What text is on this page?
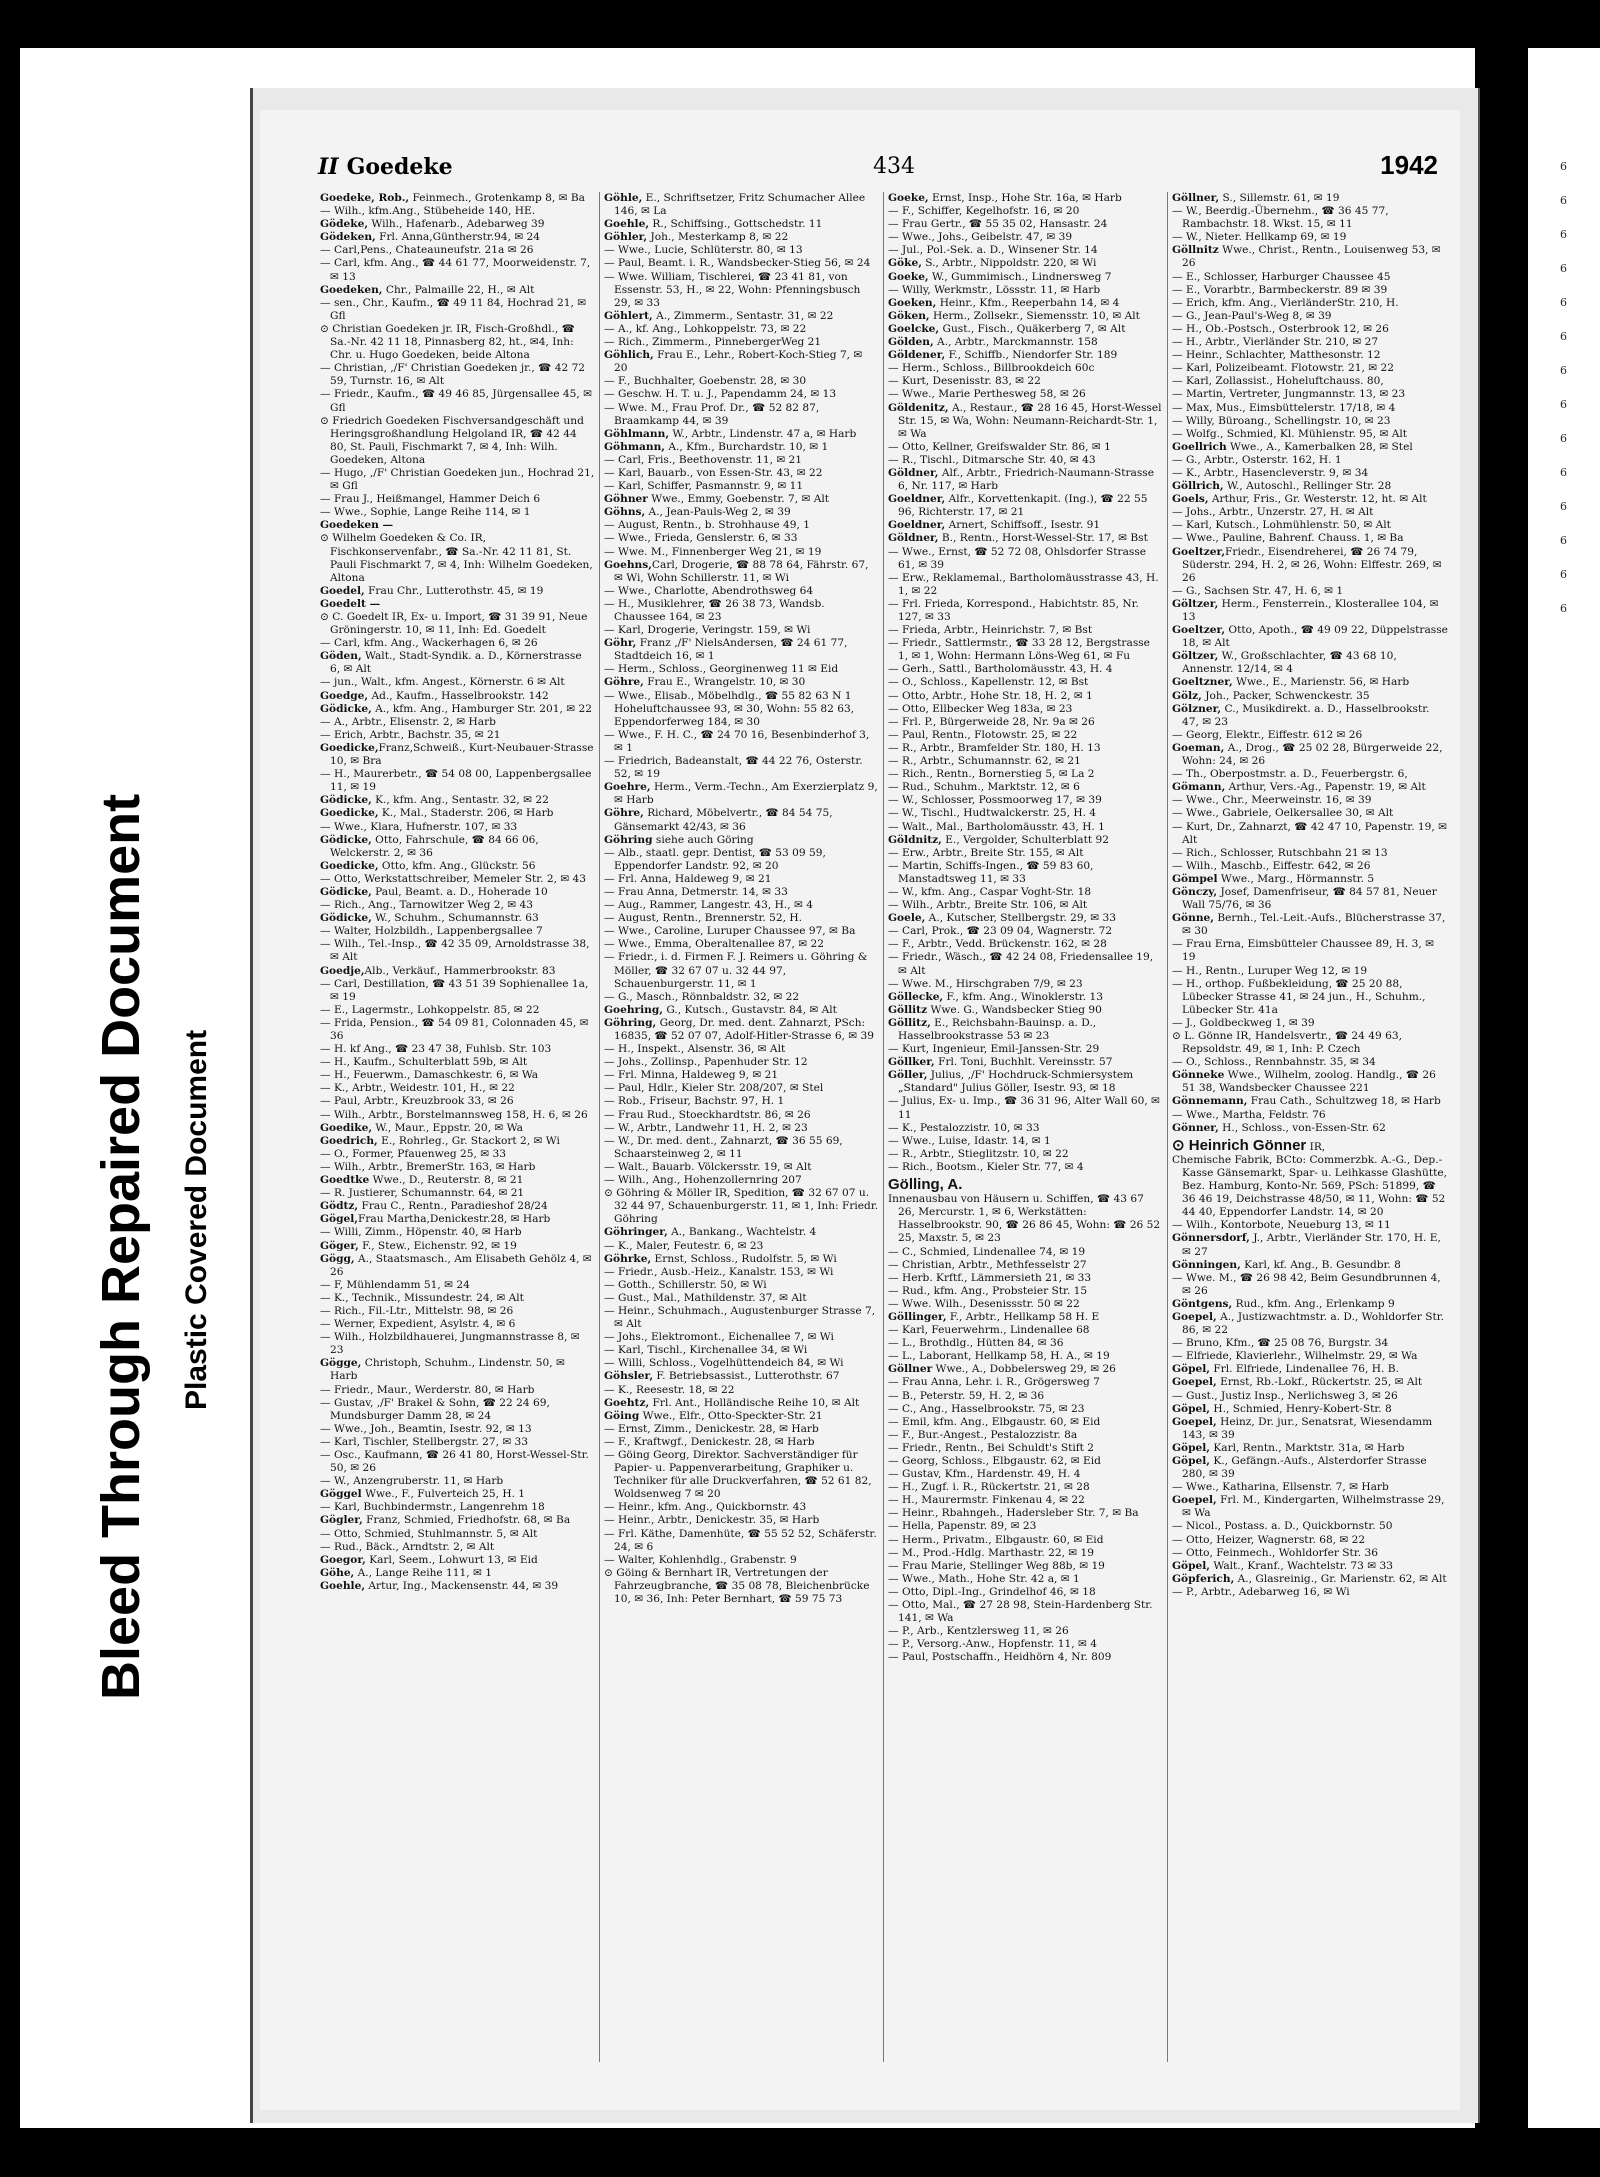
6
6
6
6
6
6
6
6
6
6
6
6
6
6
Bleed Through Repaired Document Plastic Covered Document
II Goedeke	434	1942

Goedeke, Rob., Feinmech., Grotenkamp 8, ✉ Ba

— Wilh., kfm.Ang., Stübeheide 140, HE.

Gödeke, Wilh., Hafenarb., Adebarweg 39

Gödeken, Frl. Anna,Güntherstr.94, ✉ 24

— Carl,Pens., Chateauneufstr. 21a ✉ 26

— Carl, kfm. Ang., ☎ 44 61 77, Moorweidenstr. 7, ✉ 13

Goedeken, Chr., Palmaille 22, H., ✉ Alt

— sen., Chr., Kaufm., ☎ 49 11 84, Hochrad 21, ✉ Gfl

⊙ Christian Goedeken jr. IR, Fisch-Großhdl., ☎ Sa.-Nr. 42 11 18, Pinnasberg 82, ht., ✉4, Inh: Chr. u. Hugo Goedeken, beide Altona

— Christian, ‚/F' Christian Goedeken jr., ☎ 42 72 59, Turnstr. 16, ✉ Alt

— Friedr., Kaufm., ☎ 49 46 85, Jürgensallee 45, ✉ Gfl

⊙ Friedrich Goedeken Fischversandgeschäft und Heringsgroßhandlung Helgoland IR, ☎ 42 44 80, St. Pauli, Fischmarkt 7, ✉ 4, Inh: Wilh. Goedeken, Altona

— Hugo, ‚/F' Christian Goedeken jun., Hochrad 21, ✉ Gfl

— Frau J., Heißmangel, Hammer Deich 6

— Wwe., Sophie, Lange Reihe 114, ✉ 1

Goedeken —

⊙ Wilhelm Goedeken & Co. IR, Fischkonservenfabr., ☎ Sa.-Nr. 42 11 81, St. Pauli Fischmarkt 7, ✉ 4, Inh: Wilhelm Goedeken, Altona

Goedel, Frau Chr., Lutterothstr. 45, ✉ 19

Goedelt —

⊙ C. Goedelt IR, Ex- u. Import, ☎ 31 39 91, Neue Gröningerstr. 10, ✉ 11, Inh: Ed. Goedelt

— Carl, kfm. Ang., Wackerhagen 6, ✉ 26

Göden, Walt., Stadt-Syndik. a. D., Körnerstrasse 6, ✉ Alt

— jun., Walt., kfm. Angest., Körnerstr. 6 ✉ Alt

Goedge, Ad., Kaufm., Hasselbrookstr. 142

Gödicke, A., kfm. Ang., Hamburger Str. 201, ✉ 22

— A., Arbtr., Elisenstr. 2, ✉ Harb

— Erich, Arbtr., Bachstr. 35, ✉ 21

Goedicke,Franz,Schweiß., Kurt-Neubauer-Strasse 10, ✉ Bra

— H., Maurerbetr., ☎ 54 08 00, Lappenbergsallee 11, ✉ 19

Gödicke, K., kfm. Ang., Sentastr. 32, ✉ 22

Goedicke, K., Mal., Staderstr. 206, ✉ Harb

— Wwe., Klara, Hufnerstr. 107, ✉ 33

Gödicke, Otto, Fahrschule, ☎ 84 66 06, Welckerstr. 2, ✉ 36

Goedicke, Otto, kfm. Ang., Glückstr. 56

— Otto, Werkstattschreiber, Memeler Str. 2, ✉ 43

Gödicke, Paul, Beamt. a. D., Hoherade 10

— Rich., Ang., Tarnowitzer Weg 2, ✉ 43

Gödicke, W., Schuhm., Schumannstr. 63

— Walter, Holzbildh., Lappenbergsallee 7

— Wilh., Tel.-Insp., ☎ 42 35 09, Arnoldstrasse 38, ✉ Alt

Goedje,Alb., Verkäuf., Hammerbrookstr. 83

— Carl, Destillation, ☎ 43 51 39 Sophienallee 1a, ✉ 19

— E., Lagermstr., Lohkoppelstr. 85, ✉ 22

— Frida, Pension., ☎ 54 09 81, Colonnaden 45, ✉ 36

— H. kf Ang., ☎ 23 47 38, Fuhlsb. Str. 103

— H., Kaufm., Schulterblatt 59b, ✉ Alt

— H., Feuerwm., Damaschkestr. 6, ✉ Wa

— K., Arbtr., Weidestr. 101, H., ✉ 22

— Paul, Arbtr., Kreuzbrook 33, ✉ 26

— Wilh., Arbtr., Borstelmannsweg 158, H. 6, ✉ 26

Goedike, W., Maur., Eppstr. 20, ✉ Wa

Goedrich, E., Rohrleg., Gr. Stackort 2, ✉ Wi

— O., Former, Pfauenweg 25, ✉ 33

— Wilh., Arbtr., BremerStr. 163, ✉ Harb

Goedtke Wwe., D., Reuterstr. 8, ✉ 21

— R. Justierer, Schumannstr. 64, ✉ 21

Gödtz, Frau C., Rentn., Paradieshof 28/24

Gögel,Frau Martha,Denickestr.28, ✉ Harb

— Willi, Zimm., Höpenstr. 40, ✉ Harb

Göger, F., Stew., Eichenstr. 92, ✉ 19

Gögg, A., Staatsmasch., Am Elisabeth Gehölz 4, ✉ 26

— F, Mühlendamm 51, ✉ 24

— K., Technik., Missundestr. 24, ✉ Alt

— Rich., Fil.-Ltr., Mittelstr. 98, ✉ 26

— Werner, Expedient, Asylstr. 4, ✉ 6

— Wilh., Holzbildhauerei, Jungmannstrasse 8, ✉ 23

Gögge, Christoph, Schuhm., Lindenstr. 50, ✉ Harb

— Friedr., Maur., Werderstr. 80, ✉ Harb

— Gustav, ‚/F' Brakel & Sohn, ☎ 22 24 69, Mundsburger Damm 28, ✉ 24

— Wwe., Joh., Beamtin, Isestr. 92, ✉ 13

— Karl, Tischler, Stellbergstr. 27, ✉ 33

— Osc., Kaufmann, ☎ 26 41 80, Horst-Wessel-Str. 50, ✉ 26

— W., Anzengruberstr. 11, ✉ Harb

Göggel Wwe., F., Fulverteich 25, H. 1

— Karl, Buchbindermstr., Langenrehm 18

Gögler, Franz, Schmied, Friedhofstr. 68, ✉ Ba

— Otto, Schmied, Stuhlmannstr. 5, ✉ Alt

— Rud., Bäck., Arndtstr. 2, ✉ Alt

Goegor, Karl, Seem., Lohwurt 13, ✉ Eid

Göhe, A., Lange Reihe 111, ✉ 1

Goehle, Artur, Ing., Mackensenstr. 44, ✉ 39

Göhle, E., Schriftsetzer, Fritz Schumacher Allee 146, ✉ La

Goehle, R., Schiffsing., Gottschedstr. 11

Göhler, Joh., Mesterkamp 8, ✉ 22

— Wwe., Lucie, Schlüterstr. 80, ✉ 13

— Paul, Beamt. i. R., Wandsbecker-Stieg 56, ✉ 24

— Wwe. William, Tischlerei, ☎ 23 41 81, von Essenstr. 53, H., ✉ 22, Wohn: Pfenningsbusch 29, ✉ 33

Göhlert, A., Zimmerm., Sentastr. 31, ✉ 22

— A., kf. Ang., Lohkoppelstr. 73, ✉ 22

— Rich., Zimmerm., PinnebergerWeg 21

Göhlich, Frau E., Lehr., Robert-Koch-Stieg 7, ✉ 20

— F., Buchhalter, Goebenstr. 28, ✉ 30

— Geschw. H. T. u. J., Papendamm 24, ✉ 13

— Wwe. M., Frau Prof. Dr., ☎ 52 82 87, Braamkamp 44, ✉ 39

Göhlmann, W., Arbtr., Lindenstr. 47 a, ✉ Harb

Göhmann, A., Kfm., Burchardstr. 10, ✉ 1

— Carl, Fris., Beethovenstr. 11, ✉ 21

— Karl, Bauarb., von Essen-Str. 43, ✉ 22

— Karl, Schiffer, Pasmannstr. 9, ✉ 11

Göhner Wwe., Emmy, Goebenstr. 7, ✉ Alt

Göhns, A., Jean-Pauls-Weg 2, ✉ 39

— August, Rentn., b. Strohhause 49, 1

— Wwe., Frieda, Genslerstr. 6, ✉ 33

— Wwe. M., Finnenberger Weg 21, ✉ 19

Goehns,Carl, Drogerie, ☎ 88 78 64, Fährstr. 67, ✉ Wi, Wohn Schillerstr. 11, ✉ Wi

— Wwe., Charlotte, Abendrothsweg 64

— H., Musiklehrer, ☎ 26 38 73, Wandsb. Chaussee 164, ✉ 23

— Karl, Drogerie, Veringstr. 159, ✉ Wi

Göhr, Franz ‚/F' NielsAndersen, ☎ 24 61 77, Stadtdeich 16, ✉ 1

— Herm., Schloss., Georginenweg 11 ✉ Eid

Göhre, Frau E., Wrangelstr. 10, ✉ 30

— Wwe., Elisab., Möbelhdlg., ☎ 55 82 63 N 1 Hoheluftchaussee 93, ✉ 30, Wohn: 55 82 63, Eppendorferweg 184, ✉ 30

— Wwe., F. H. C., ☎ 24 70 16, Besenbinderhof 3, ✉ 1

— Friedrich, Badeanstalt, ☎ 44 22 76, Osterstr. 52, ✉ 19

Goehre, Herm., Verm.-Techn., Am Exerzierplatz 9, ✉ Harb

Göhre, Richard, Möbelvertr., ☎ 84 54 75, Gänsemarkt 42/43, ✉ 36

Göhring siehe auch Göring

— Alb., staatl. gepr. Dentist, ☎ 53 09 59, Eppendorfer Landstr. 92, ✉ 20

— Frl. Anna, Haldeweg 9, ✉ 21

— Frau Anna, Detmerstr. 14, ✉ 33

— Aug., Rammer, Langestr. 43, H., ✉ 4

— August, Rentn., Brennerstr. 52, H.

— Wwe., Caroline, Luruper Chaussee 97, ✉ Ba

— Wwe., Emma, Oberaltenallee 87, ✉ 22

— Friedr., i. d. Firmen F. J. Reimers u. Göhring & Möller, ☎ 32 67 07 u. 32 44 97, Schauenburgerstr. 11, ✉ 1

— G., Masch., Rönnbaldstr. 32, ✉ 22

Goehring, G., Kutsch., Gustavstr. 84, ✉ Alt

Göhring, Georg, Dr. med. dent. Zahnarzt, PSch: 16835, ☎ 52 07 07, Adolf-Hitler-Strasse 6, ✉ 39

— H., Inspekt., Alsenstr. 36, ✉ Alt

— Johs., Zollinsp., Papenhuder Str. 12

— Frl. Minna, Haldeweg 9, ✉ 21

— Paul, Hdlr., Kieler Str. 208/207, ✉ Stel

— Rob., Friseur, Bachstr. 97, H. 1

— Frau Rud., Stoeckhardtstr. 86, ✉ 26

— W., Arbtr., Landwehr 11, H. 2, ✉ 23

— W., Dr. med. dent., Zahnarzt, ☎ 36 55 69, Schaarsteinweg 2, ✉ 11

— Walt., Bauarb. Völckersstr. 19, ✉ Alt

— Wilh., Ang., Hohenzollernring 207

⊙ Göhring & Möller IR, Spedition, ☎ 32 67 07 u. 32 44 97, Schauenburgerstr. 11, ✉ 1, Inh: Friedr. Göhring

Göhringer, A., Bankang., Wachtelstr. 4

— K., Maler, Feutestr. 6, ✉ 23

Göhrke, Ernst, Schloss., Rudolfstr. 5, ✉ Wi

— Friedr., Ausb.-Heiz., Kanalstr. 153, ✉ Wi

— Gotth., Schillerstr. 50, ✉ Wi

— Gust., Mal., Mathildenstr. 37, ✉ Alt

— Heinr., Schuhmach., Augustenburger Strasse 7, ✉ Alt

— Johs., Elektromont., Eichenallee 7, ✉ Wi

— Karl, Tischl., Kirchenallee 34, ✉ Wi

— Willi, Schloss., Vogelhüttendeich 84, ✉ Wi

Göhsler, F. Betriebsassist., Lutterothstr. 67

— K., Reesestr. 18, ✉ 22

Goehtz, Frl. Ant., Holländische Reihe 10, ✉ Alt

Göing Wwe., Elfr., Otto-Speckter-Str. 21

— Ernst, Zimm., Denickestr. 28, ✉ Harb

— F., Kraftwgf., Denickestr. 28, ✉ Harb

— Göing Georg, Direktor. Sachverständiger für Papier- u. Pappenverarbeitung, Graphiker u. Techniker für alle Druckverfahren, ☎ 52 61 82, Woldsenweg 7 ✉ 20

— Heinr., kfm. Ang., Quickbornstr. 43

— Heinr., Arbtr., Denickestr. 35, ✉ Harb

— Frl. Käthe, Damenhüte, ☎ 55 52 52, Schäferstr. 24, ✉ 6

— Walter, Kohlenhdlg., Grabenstr. 9

⊙ Göing & Bernhart IR, Vertretungen der Fahrzeugbranche, ☎ 35 08 78, Bleichenbrücke 10, ✉ 36, Inh: Peter Bernhart, ☎ 59 75 73

Goeke, Ernst, Insp., Hohe Str. 16a, ✉ Harb

— F., Schiffer, Kegelhofstr. 16, ✉ 20

— Frau Gertr., ☎ 55 35 02, Hansastr. 24

— Wwe., Johs., Geibelstr. 47, ✉ 39

— Jul., Pol.-Sek. a. D., Winsener Str. 14

Göke, S., Arbtr., Nippoldstr. 220, ✉ Wi

Goeke, W., Gummimisch., Lindnersweg 7

— Willy, Werkmstr., Lössstr. 11, ✉ Harb

Goeken, Heinr., Kfm., Reeperbahn 14, ✉ 4

Göken, Herm., Zollsekr., Siemensstr. 10, ✉ Alt

Goelcke, Gust., Fisch., Quäkerberg 7, ✉ Alt

Gölden, A., Arbtr., Marckmannstr. 158

Göldener, F., Schiffb., Niendorfer Str. 189

— Herm., Schloss., Billbrookdeich 60c

— Kurt, Desenisstr. 83, ✉ 22

— Wwe., Marie Perthesweg 58, ✉ 26

Göldenitz, A., Restaur., ☎ 28 16 45, Horst-Wessel Str. 15, ✉ Wa, Wohn: Neumann-Reichardt-Str. 1, ✉ Wa

— Otto, Kellner, Greifswalder Str. 86, ✉ 1

— R., Tischl., Ditmarsche Str. 40, ✉ 43

Göldner, Alf., Arbtr., Friedrich-Naumann-Strasse 6, Nr. 117, ✉ Harb

Goeldner, Alfr., Korvettenkapit. (Ing.), ☎ 22 55 96, Richterstr. 17, ✉ 21

Goeldner, Arnert, Schiffsoff., Isestr. 91

Göldner, B., Rentn., Horst-Wessel-Str. 17, ✉ Bst

— Wwe., Ernst, ☎ 52 72 08, Ohlsdorfer Strasse 61, ✉ 39

— Erw., Reklamemal., Bartholomäusstrasse 43, H. 1, ✉ 22

— Frl. Frieda, Korrespond., Habichtstr. 85, Nr. 127, ✉ 33

— Frieda, Arbtr., Heinrichstr. 7, ✉ Bst

— Friedr., Sattlermstr., ☎ 33 28 12, Bergstrasse 1, ✉ 1, Wohn: Hermann Löns-Weg 61, ✉ Fu

— Gerh., Sattl., Bartholomäusstr. 43, H. 4

— O., Schloss., Kapellenstr. 12, ✉ Bst

— Otto, Arbtr., Hohe Str. 18, H. 2, ✉ 1

— Otto, Ellbecker Weg 183a, ✉ 23

— Frl. P., Bürgerweide 28, Nr. 9a ✉ 26

— Paul, Rentn., Flotowstr. 25, ✉ 22

— R., Arbtr., Bramfelder Str. 180, H. 13

— R., Arbtr., Schumannstr. 62, ✉ 21

— Rich., Rentn., Bornerstieg 5, ✉ La 2

— Rud., Schuhm., Marktstr. 12, ✉ 6

— W., Schlosser, Possmoorweg 17, ✉ 39

— W., Tischl., Hudtwalckerstr. 25, H. 4

— Walt., Mal., Bartholomäusstr. 43, H. 1

Göldnitz, E., Vergolder, Schulterblatt 92

— Erw., Arbtr., Breite Str. 155, ✉ Alt

— Martin, Schiffs-Ingen., ☎ 59 83 60, Manstadtsweg 11, ✉ 33

— W., kfm. Ang., Caspar Voght-Str. 18

— Wilh., Arbtr., Breite Str. 106, ✉ Alt

Goele, A., Kutscher, Stellbergstr. 29, ✉ 33

— Carl, Prok., ☎ 23 09 04, Wagnerstr. 72

— F., Arbtr., Vedd. Brückenstr. 162, ✉ 28

— Friedr., Wäsch., ☎ 42 24 08, Friedensallee 19, ✉ Alt

— Wwe. M., Hirschgraben 7/9, ✉ 23

Göllecke, F., kfm. Ang., Winoklerstr. 13

Göllitz Wwe. G., Wandsbecker Stieg 90

Göllitz, E., Reichsbahn-Bauinsp. a. D., Hasselbrookstrasse 53 ✉ 23

— Kurt, Ingenieur, Emil-Janssen-Str. 29

Göllker, Frl. Toni, Buchhlt. Vereinsstr. 57

Göller, Julius, ‚/F' Hochdruck-Schmiersystem „Standard" Julius Göller, Isestr. 93, ✉ 18

— Julius, Ex- u. Imp., ☎ 36 31 96, Alter Wall 60, ✉ 11

— K., Pestalozzistr. 10, ✉ 33

— Wwe., Luise, Idastr. 14, ✉ 1

— R., Arbtr., Stieglitzstr. 10, ✉ 22

— Rich., Bootsm., Kieler Str. 77, ✉ 4

Gölling, A.

Innenausbau von Häusern u. Schiffen, ☎ 43 67 26, Mercurstr. 1, ✉ 6, Werkstätten: Hasselbrookstr. 90, ☎ 26 86 45, Wohn: ☎ 26 52 25, Maxstr. 5, ✉ 23

— C., Schmied, Lindenallee 74, ✉ 19

— Christian, Arbtr., Methfesselstr 27

— Herb. Krftf., Lämmersieth 21, ✉ 33

— Rud., kfm. Ang., Probsteier Str. 15

— Wwe. Wilh., Desenissstr. 50 ✉ 22

Göllinger, F., Arbtr., Hellkamp 58 H. E

— Karl, Feuerwehrm., Lindenallee 68

— L., Brothdlg., Hütten 84, ✉ 36

— L., Laborant, Hellkamp 58, H. A., ✉ 19

Göllner Wwe., A., Dobbelersweg 29, ✉ 26

— Frau Anna, Lehr. i. R., Grögersweg 7

— B., Peterstr. 59, H. 2, ✉ 36

— C., Ang., Hasselbrookstr. 75, ✉ 23

— Emil, kfm. Ang., Elbgaustr. 60, ✉ Eid

— F., Bur.-Angest., Pestalozzistr. 8a

— Friedr., Rentn., Bei Schuldt's Stift 2

— Georg, Schloss., Elbgaustr. 62, ✉ Eid

— Gustav, Kfm., Hardenstr. 49, H. 4

— H., Zugf. i. R., Rückertstr. 21, ✉ 28

— H., Maurermstr. Finkenau 4, ✉ 22

— Heinr., Rbahngeh., Hadersleber Str. 7, ✉ Ba

— Hella, Papenstr. 89, ✉ 23

— Herm., Privatm., Elbgaustr. 60, ✉ Eid

— M., Prod.-Hdlg. Marthastr. 22, ✉ 19

— Frau Marie, Stellinger Weg 88b, ✉ 19

— Wwe., Math., Hohe Str. 42 a, ✉ 1

— Otto, Dipl.-Ing., Grindelhof 46, ✉ 18

— Otto, Mal., ☎ 27 28 98, Stein-Hardenberg Str. 141, ✉ Wa

— P., Arb., Kentzlersweg 11, ✉ 26

— P., Versorg.-Anw., Hopfenstr. 11, ✉ 4

— Paul, Postschaffn., Heidhörn 4, Nr. 809

Göllner, S., Sillemstr. 61, ✉ 19

— W., Beerdig.-Übernehm., ☎ 36 45 77, Rambachstr. 18. Wkst. 15, ✉ 11

— W., Nieter. Hellkamp 69, ✉ 19

Göllnitz Wwe., Christ., Rentn., Louisenweg 53, ✉ 26

— E., Schlosser, Harburger Chaussee 45

— E., Vorarbtr., Barmbeckerstr. 89 ✉ 39

— Erich, kfm. Ang., VierländerStr. 210, H.

— G., Jean-Paul's-Weg 8, ✉ 39

— H., Ob.-Postsch., Osterbrook 12, ✉ 26

— H., Arbtr., Vierländer Str. 210, ✉ 27

— Heinr., Schlachter, Matthesonstr. 12

— Karl, Polizeibeamt. Flotowstr. 21, ✉ 22

— Karl, Zollassist., Hoheluftchauss. 80,

— Martin, Vertreter, Jungmannstr. 13, ✉ 23

— Max, Mus., Eimsbüttelerstr. 17/18, ✉ 4

— Willy, Büroang., Schellingstr. 10, ✉ 23

— Wolfg., Schmied, Kl. Mühlenstr. 95, ✉ Alt

Goellrich Wwe., A., Kamerbalken 28, ✉ Stel

— G., Arbtr., Osterstr. 162, H. 1

— K., Arbtr., Hasencleverstr. 9, ✉ 34

Göllrich, W., Autoschl., Rellinger Str. 28

Goels, Arthur, Fris., Gr. Westerstr. 12, ht. ✉ Alt

— Johs., Arbtr., Unzerstr. 27, H. ✉ Alt

— Karl, Kutsch., Lohmühlenstr. 50, ✉ Alt

— Wwe., Pauline, Bahrenf. Chauss. 1, ✉ Ba

Goeltzer,Friedr., Eisendreherei, ☎ 26 74 79, Süderstr. 294, H. 2, ✉ 26, Wohn: Elffestr. 269, ✉ 26

— G., Sachsen Str. 47, H. 6, ✉ 1

Göltzer, Herm., Fensterrein., Klosterallee 104, ✉ 13

Goeltzer, Otto, Apoth., ☎ 49 09 22, Düppelstrasse 18, ✉ Alt

Göltzer, W., Großschlachter, ☎ 43 68 10, Annenstr. 12/14, ✉ 4

Goeltzner, Wwe., E., Marienstr. 56, ✉ Harb

Gölz, Joh., Packer, Schwenckestr. 35

Gölzner, C., Musikdirekt. a. D., Hasselbrookstr. 47, ✉ 23

— Georg, Elektr., Eiffestr. 612 ✉ 26

Goeman, A., Drog., ☎ 25 02 28, Bürgerweide 22, Wohn: 24, ✉ 26

— Th., Oberpostmstr. a. D., Feuerbergstr. 6,

Gömann, Arthur, Vers.-Ag., Papenstr. 19, ✉ Alt

— Wwe., Chr., Meerweinstr. 16, ✉ 39

— Wwe., Gabriele, Oelkersallee 30, ✉ Alt

— Kurt, Dr., Zahnarzt, ☎ 42 47 10, Papenstr. 19, ✉ Alt

— Rich., Schlosser, Rutschbahn 21 ✉ 13

— Wilh., Maschb., Eiffestr. 642, ✉ 26

Gömpel Wwe., Marg., Hörmannstr. 5

Gönczy, Josef, Damenfriseur, ☎ 84 57 81, Neuer Wall 75/76, ✉ 36

Gönne, Bernh., Tel.-Leit.-Aufs., Blücherstrasse 37, ✉ 30

— Frau Erna, Eimsbütteler Chaussee 89, H. 3, ✉ 19

— H., Rentn., Luruper Weg 12, ✉ 19

— H., orthop. Fußbekleidung, ☎ 25 20 88, Lübecker Strasse 41, ✉ 24 jun., H., Schuhm., Lübecker Str. 41a

— J., Goldbeckweg 1, ✉ 39

⊙ L. Gönne IR, Handelsvertr., ☎ 24 49 63, Repsoldstr. 49, ✉ 1, Inh: P. Czech

— O., Schloss., Rennbahnstr. 35, ✉ 34

Gönneke Wwe., Wilhelm, zoolog. Handlg., ☎ 26 51 38, Wandsbecker Chaussee 221

Gönnemann, Frau Cath., Schultzweg 18, ✉ Harb

— Wwe., Martha, Feldstr. 76

Gönner, H., Schloss., von-Essen-Str. 62

⊙ Heinrich Gönner IR,

Chemische Fabrik, BCto: Commerzbk. A.-G., Dep.-Kasse Gänsemarkt, Spar- u. Leihkasse Glashütte, Bez. Hamburg, Konto-Nr. 569, PSch: 51899, ☎ 36 46 19, Deichstrasse 48/50, ✉ 11, Wohn: ☎ 52 44 40, Eppendorfer Landstr. 14, ✉ 20

— Wilh., Kontorbote, Neueburg 13, ✉ 11

Gönnersdorf, J., Arbtr., Vierländer Str. 170, H. E, ✉ 27

Gönningen, Karl, kf. Ang., B. Gesundbr. 8

— Wwe. M., ☎ 26 98 42, Beim Gesundbrunnen 4, ✉ 26

Göntgens, Rud., kfm. Ang., Erlenkamp 9

Goepel, A., Justizwachtmstr. a. D., Wohldorfer Str. 86, ✉ 22

— Bruno, Kfm., ☎ 25 08 76, Burgstr. 34

— Elfriede, Klavierlehr., Wilhelmstr. 29, ✉ Wa

Göpel, Frl. Elfriede, Lindenallee 76, H. B.

Goepel, Ernst, Rb.-Lokf., Rückertstr. 25, ✉ Alt

— Gust., Justiz Insp., Nerlichsweg 3, ✉ 26

Göpel, H., Schmied, Henry-Kobert-Str. 8

Goepel, Heinz, Dr. jur., Senatsrat, Wiesendamm 143, ✉ 39

Göpel, Karl, Rentn., Marktstr. 31a, ✉ Harb

Göpel, K., Gefängn.-Aufs., Alsterdorfer Strasse 280, ✉ 39

— Wwe., Katharina, Ellsenstr. 7, ✉ Harb

Goepel, Frl. M., Kindergarten, Wilhelmstrasse 29, ✉ Wa

— Nicol., Postass. a. D., Quickbornstr. 50

— Otto, Heizer, Wagnerstr. 68, ✉ 22

— Otto, Feinmech., Wohldorfer Str. 36

Göpel, Walt., Kranf., Wachtelstr. 73 ✉ 33

Göpferich, A., Glasreinig., Gr. Marienstr. 62, ✉ Alt

— P., Arbtr., Adebarweg 16, ✉ Wi
